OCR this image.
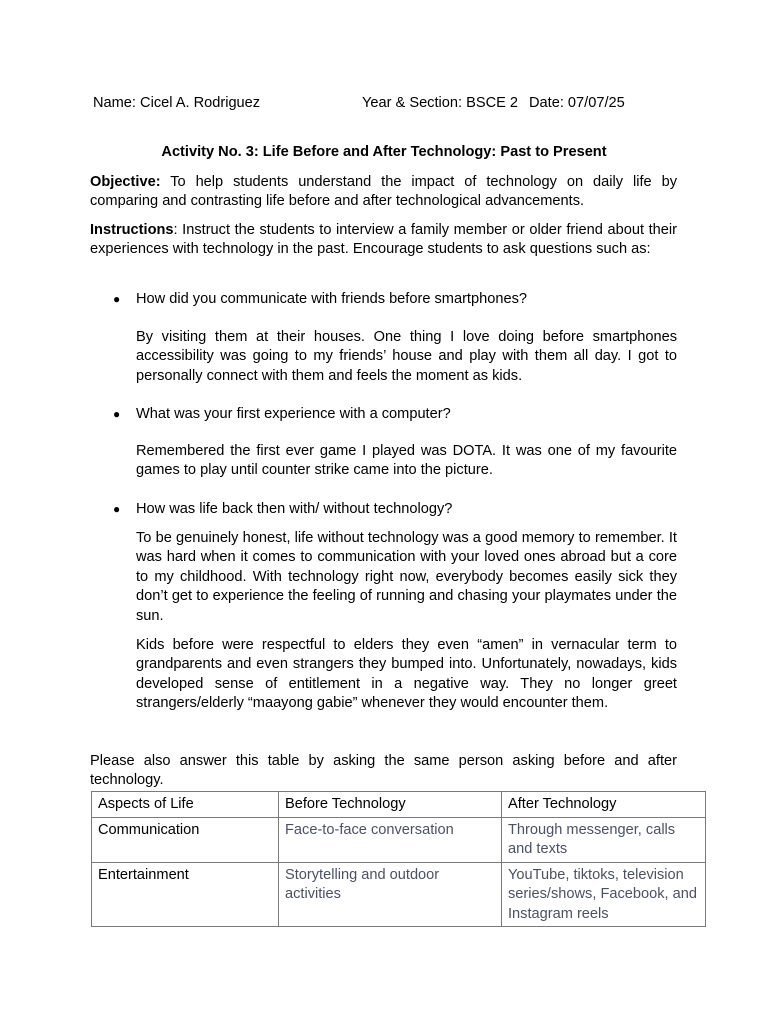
Name: Cicel A. Rodriguez	Year & Section: BSCE 2 Date: 07/07/25
Activity No. 3: Life Before and After Technology: Past to Present
Objective: To help students understand the impact of technology on daily life by comparing and contrasting life before and after technological advancements.
Instructions: Instruct the students to interview a family member or older friend about their experiences with technology in the past. Encourage students to ask questions such as:
● How did you communicate with friends before smartphones?
By visiting them at their houses. One thing I love doing before smartphones accessibility was going to my friends’ house and play with them all day. I got to personally connect with them and feels the moment as kids.
● What was your first experience with a computer?
Remembered the first ever game I played was DOTA. It was one of my favourite games to play until counter strike came into the picture.
● How was life back then with/ without technology?
To be genuinely honest, life without technology was a good memory to remember. It was hard when it comes to communication with your loved ones abroad but a core to my childhood. With technology right now, everybody becomes easily sick they don’t get to experience the feeling of running and chasing your playmates under the sun.
Kids before were respectful to elders they even “amen” in vernacular term to grandparents and even strangers they bumped into. Unfortunately, nowadays, kids developed sense of entitlement in a negative way. They no longer greet strangers/elderly “maayong gabie” whenever they would encounter them.
Please also answer this table by asking the same person asking before and after technology.
Aspects of Life	Before Technology	After Technology
Communication	Face-to-face conversation	Through messenger, calls and texts
Entertainment	Storytelling and outdoor activities	YouTube, tiktoks, television series/shows, Facebook, and Instagram reels
